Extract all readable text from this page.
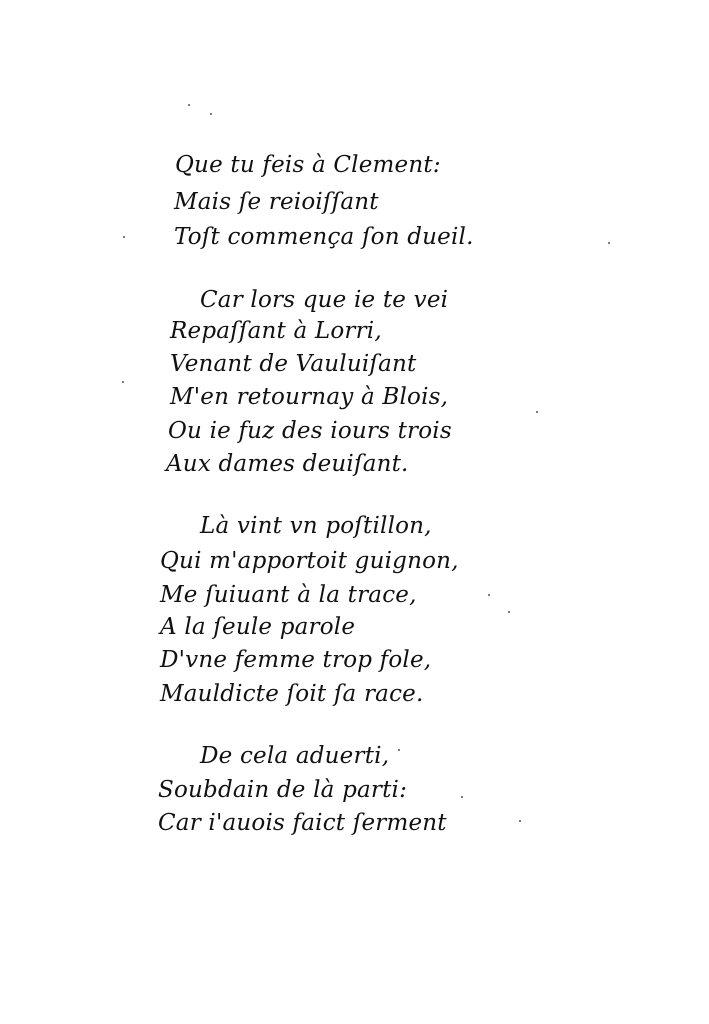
Que tu feis à Clement:
Mais ſe reioiſſant
Toſt commença ſon dueil.
Car lors que ie te vei
Repaſſant à Lorri,
Venant de Vauluiſant
M'en retournay à Blois,
Ou ie fuz des iours trois
Aux dames deuiſant.
Là vint vn poſtillon,
Qui m'apportoit guignon,
Me ſuiuant à la trace,
A la ſeule parole
D'vne femme trop fole,
Mauldicte ſoit ſa race.
De cela aduerti,
Soubdain de là parti:
Car i'auois faict ſerment
